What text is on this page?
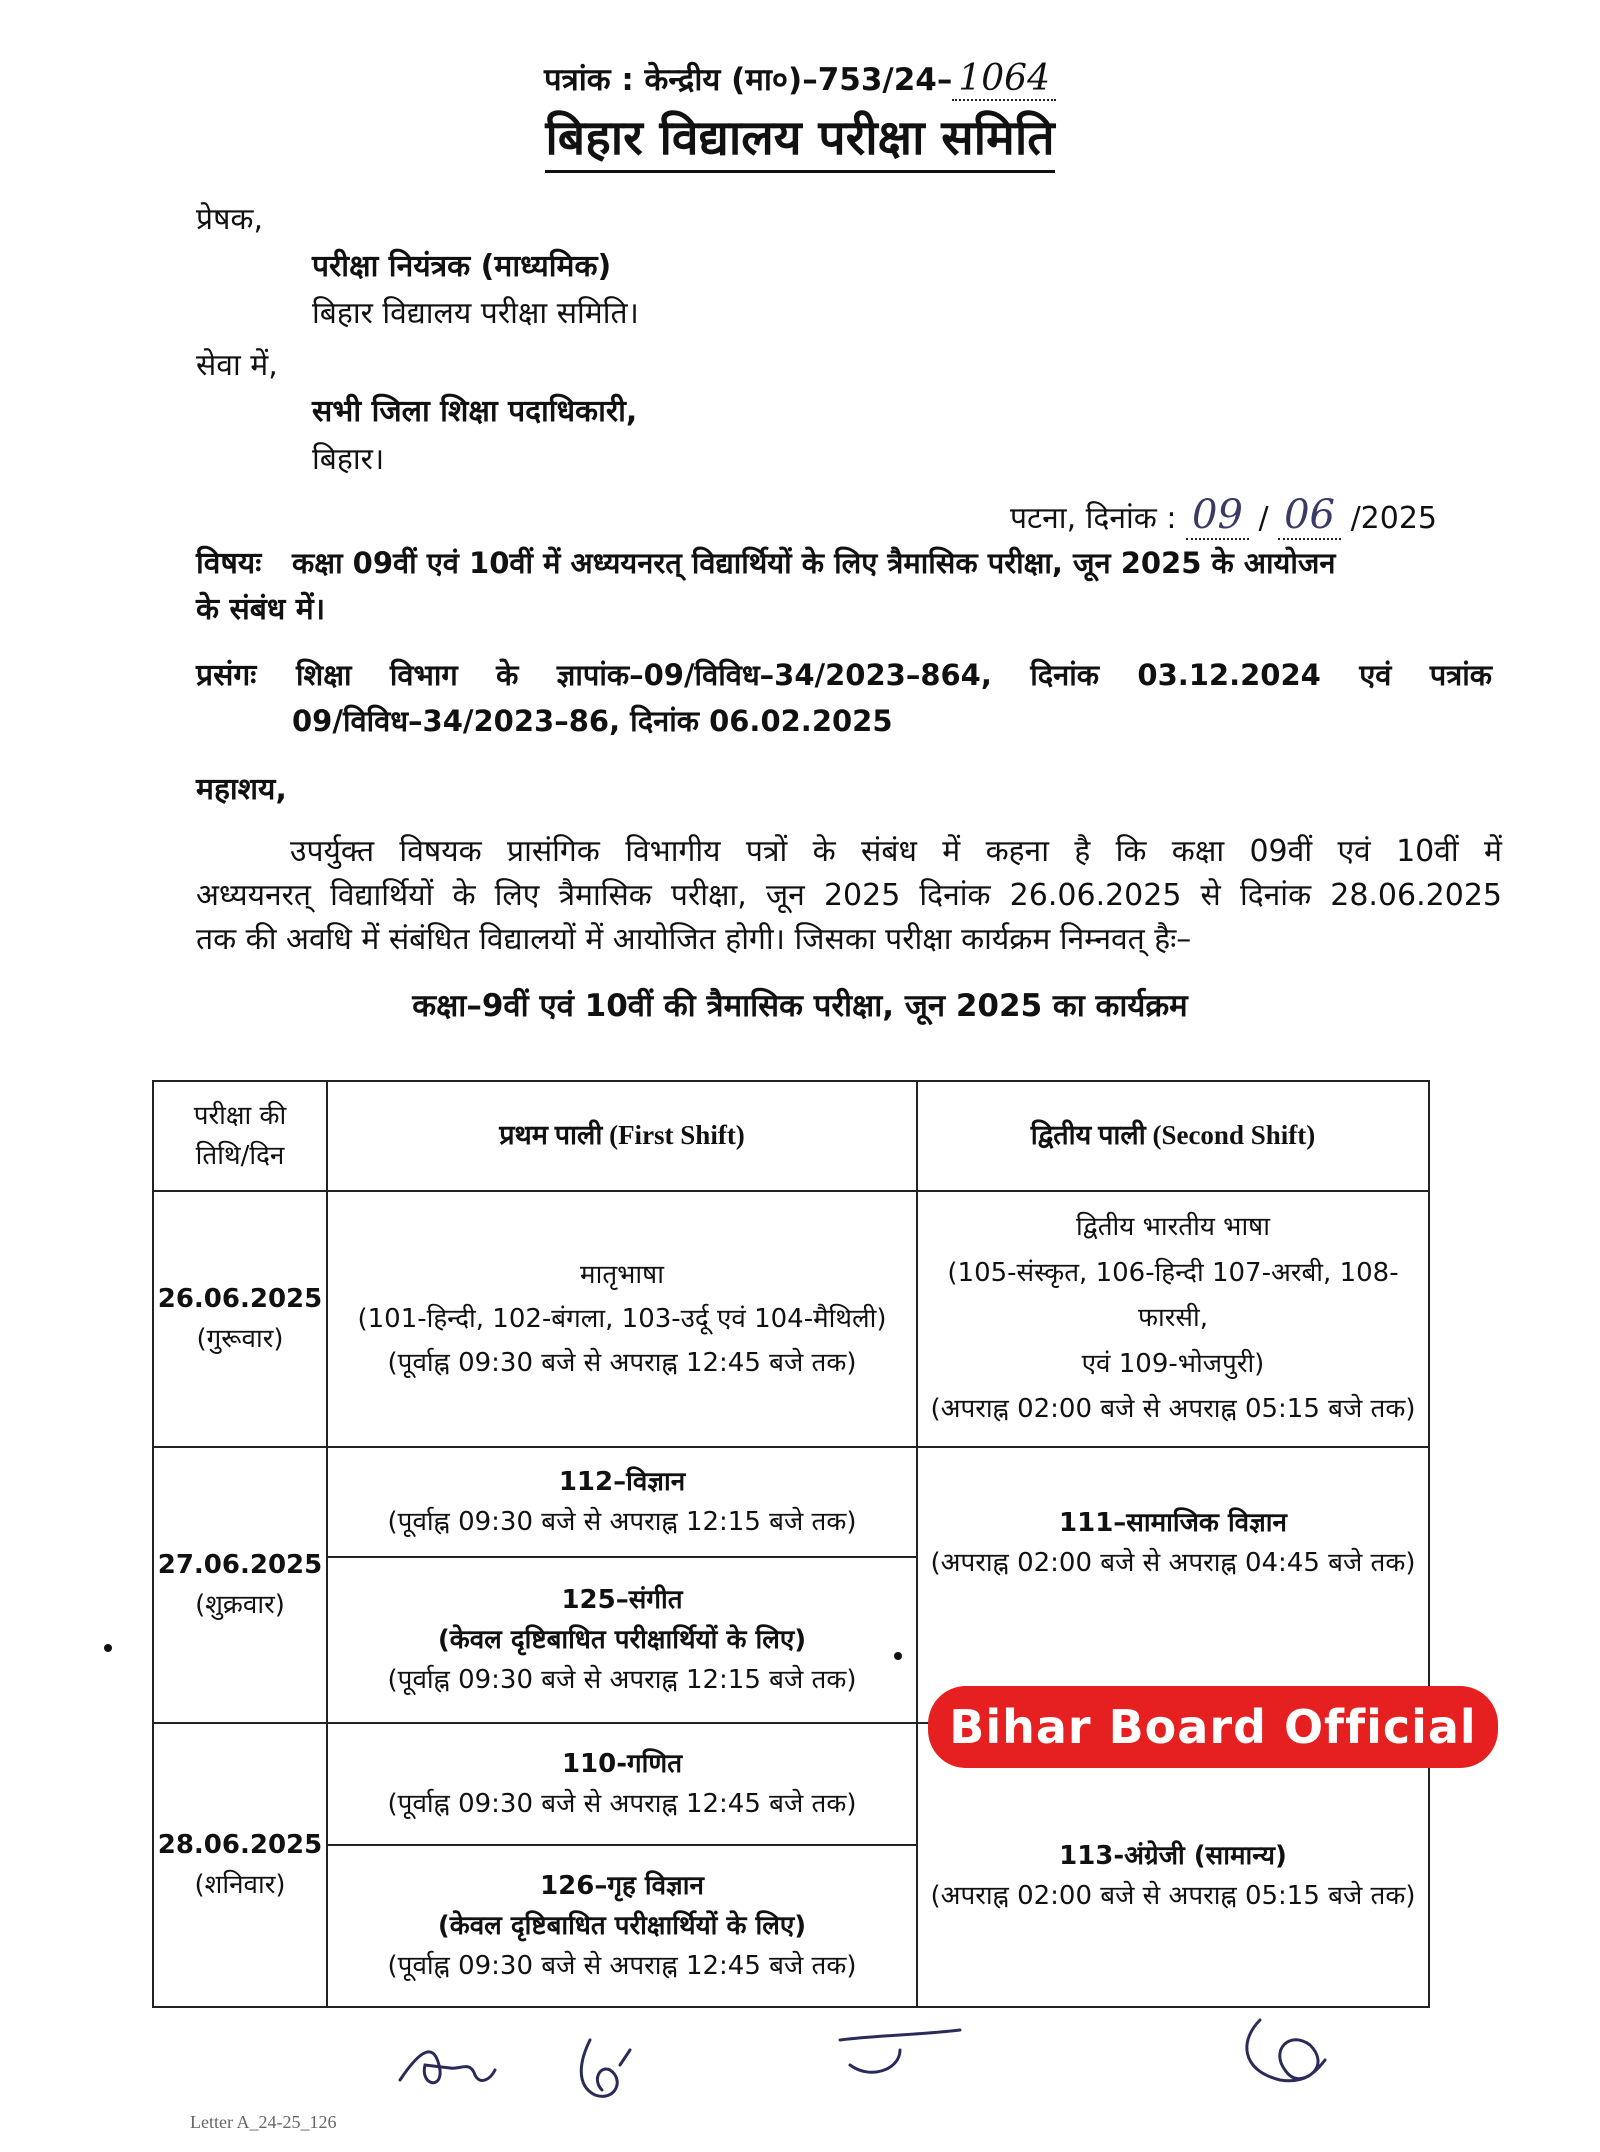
पत्रांक : केन्द्रीय (मा०)–753/24– 1064
बिहार विद्यालय परीक्षा समिति
प्रेषक,
परीक्षा नियंत्रक (माध्यमिक)
बिहार विद्यालय परीक्षा समिति।
सेवा में,
सभी जिला शिक्षा पदाधिकारी,
बिहार।
पटना, दिनांक : 09 / 06 /2025
विषयः कक्षा 09वीं एवं 10वीं में अध्ययनरत् विद्यार्थियों के लिए त्रैमासिक परीक्षा, जून 2025 के आयोजन
के संबंध में।
प्रसंगः शिक्षा विभाग के ज्ञापांक–09/विविध–34/2023–864, दिनांक 03.12.2024 एवं पत्रांक
09/विविध–34/2023–86, दिनांक 06.02.2025
महाशय,
उपर्युक्त विषयक प्रासंगिक विभागीय पत्रों के संबंध में कहना है कि कक्षा 09वीं एवं 10वीं में
अध्ययनरत् विद्यार्थियों के लिए त्रैमासिक परीक्षा, जून 2025 दिनांक 26.06.2025 से दिनांक 28.06.2025
तक की अवधि में संबंधित विद्यालयों में आयोजित होगी। जिसका परीक्षा कार्यक्रम निम्नवत् हैः–
कक्षा–9वीं एवं 10वीं की त्रैमासिक परीक्षा, जून 2025 का कार्यक्रम
परीक्षा की
तिथि/दिन
प्रथम पाली (First Shift)	द्वितीय पाली (Second Shift)
26.06.2025
(गुरूवार)
मातृभाषा
(101-हिन्दी, 102-बंगला, 103-उर्दू एवं 104-मैथिली)
(पूर्वाह्न 09:30 बजे से अपराह्न 12:45 बजे तक)
द्वितीय भारतीय भाषा
(105-संस्कृत, 106-हिन्दी 107-अरबी, 108-फारसी,
एवं 109-भोजपुरी)
(अपराह्न 02:00 बजे से अपराह्न 05:15 बजे तक)
27.06.2025
(शुक्रवार)
112–विज्ञान
(पूर्वाह्न 09:30 बजे से अपराह्न 12:15 बजे तक)
125–संगीत
(केवल दृष्टिबाधित परीक्षार्थियों के लिए)
(पूर्वाह्न 09:30 बजे से अपराह्न 12:15 बजे तक)
111–सामाजिक विज्ञान
(अपराह्न 02:00 बजे से अपराह्न 04:45 बजे तक)
28.06.2025
(शनिवार)
110-गणित
(पूर्वाह्न 09:30 बजे से अपराह्न 12:45 बजे तक)
126–गृह विज्ञान
(केवल दृष्टिबाधित परीक्षार्थियों के लिए)
(पूर्वाह्न 09:30 बजे से अपराह्न 12:45 बजे तक)
113-अंग्रेजी (सामान्य)
(अपराह्न 02:00 बजे से अपराह्न 05:15 बजे तक)
Bihar Board Official
Letter A_24-25_126
